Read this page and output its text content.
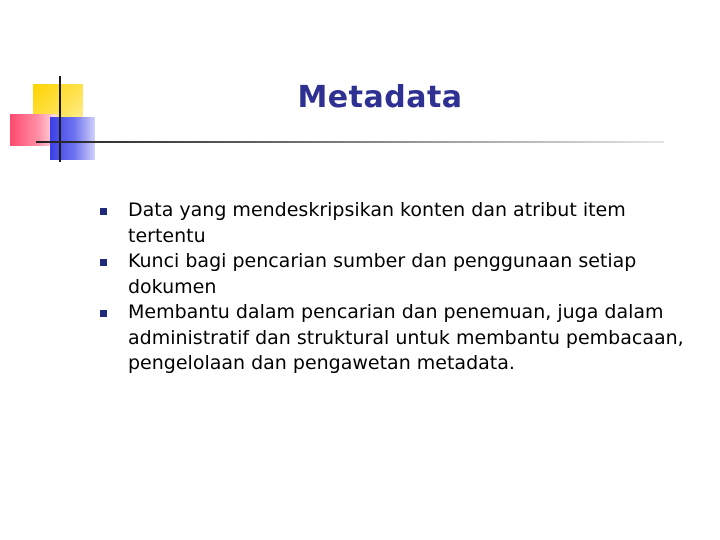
Metadata
Data yang mendeskripsikan konten dan atribut item tertentu
Kunci bagi pencarian sumber dan penggunaan setiap dokumen
Membantu dalam pencarian dan penemuan, juga dalam administratif dan struktural untuk membantu pembacaan, pengelolaan dan pengawetan metadata.
